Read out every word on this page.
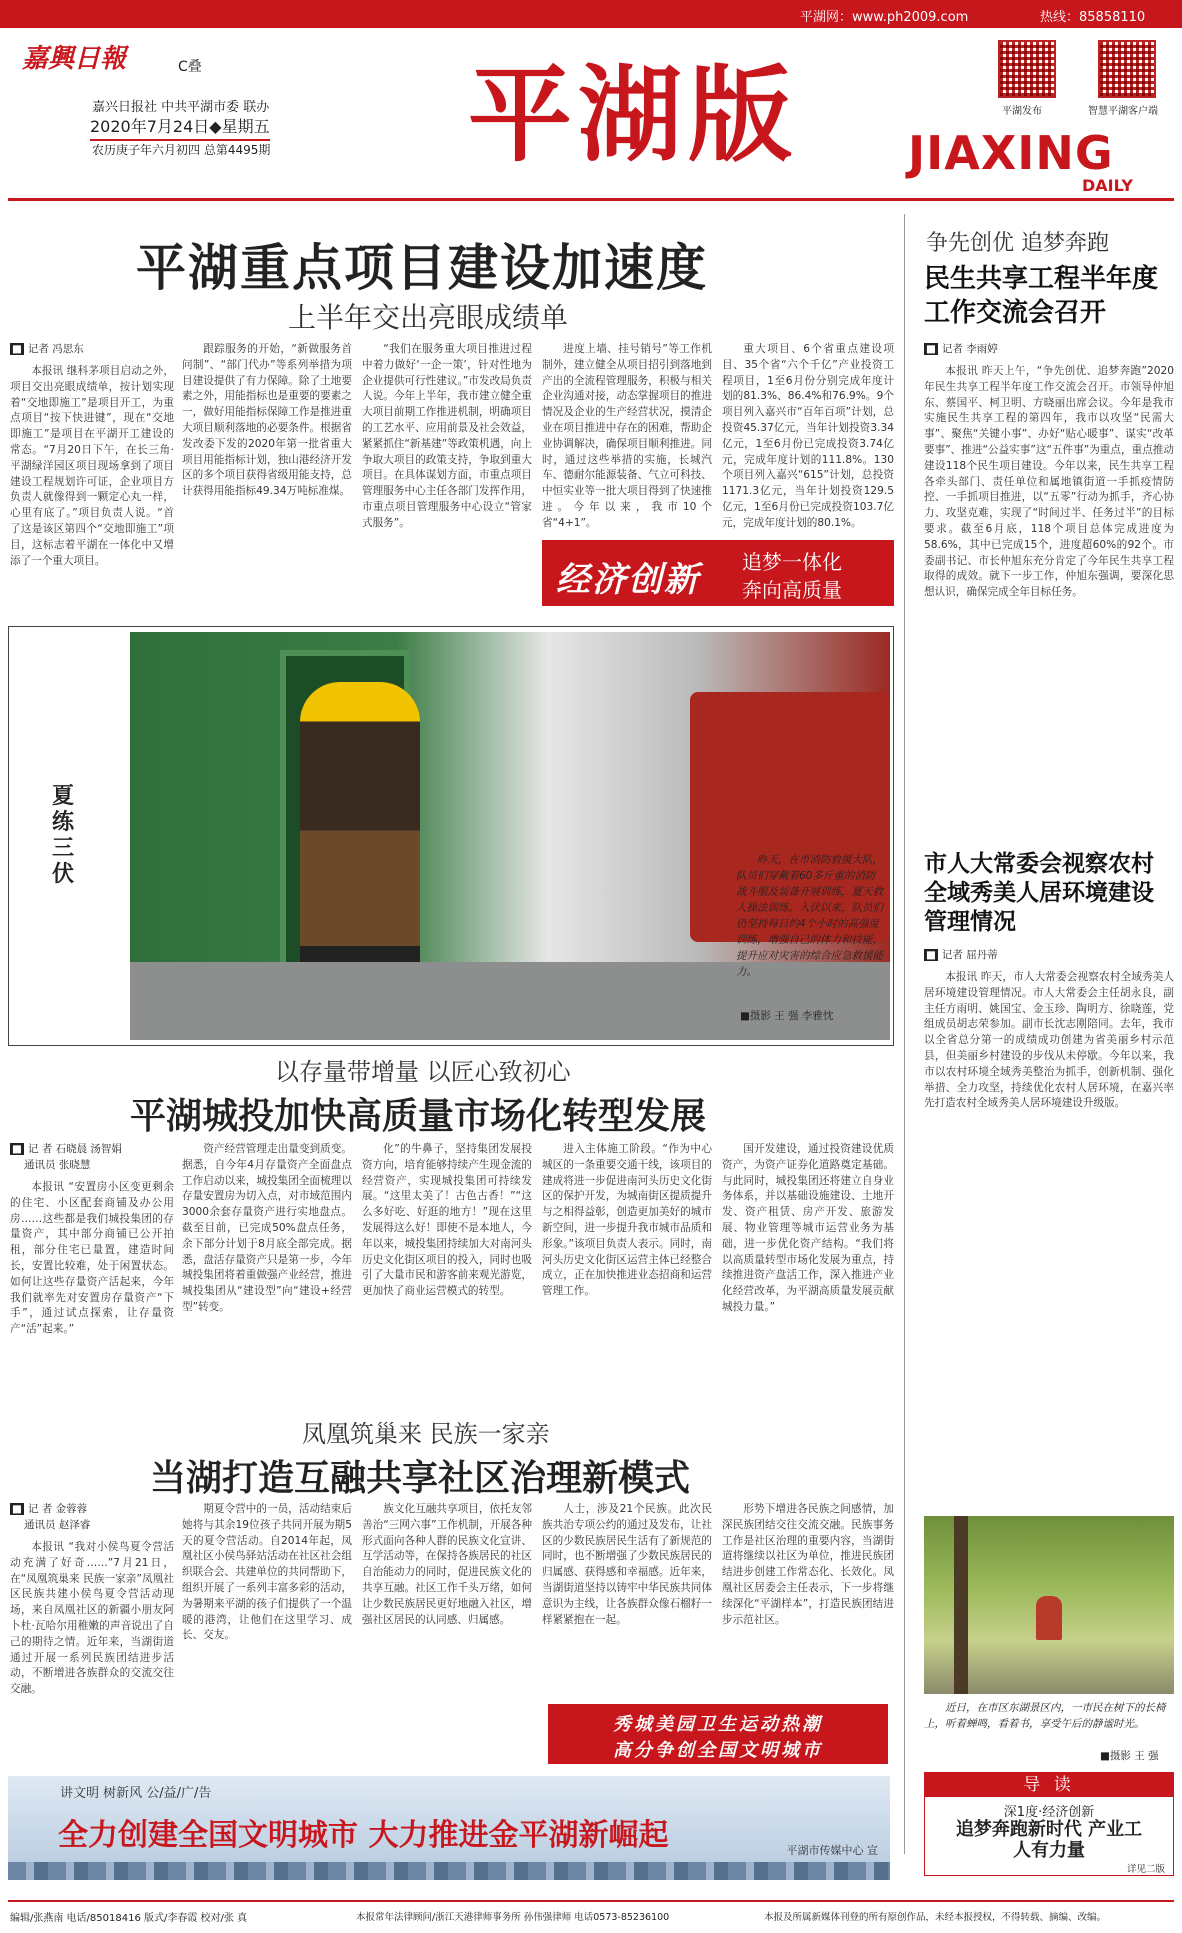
平湖网：www.ph2009.com	热线：85858110
嘉興日報	C叠
嘉兴日报社 中共平湖市委 联办
2020年7月24日◆星期五
农历庚子年六月初四 总第4495期 平湖版	平湖发布	智慧平湖客户端
JIAXING
DAILY
平湖重点项目建设加速度
上半年交出亮眼成绩单
■ 记者 冯思东

本报讯 继科茅项目启动之外，项目交出亮眼成绩单，按计划实现着“交地即施工”是项目开工，为重点项目“按下快进键”，现在“交地即施工”是项目在平湖开工建设的常态。“7月20日下午，在长三角·平湖绿洋园区项目现场拿到了项目建设工程规划许可证，企业项目方负责人就像得到一颗定心丸一样，心里有底了。”项目负责人说。“首了这是该区第四个“交地即施工”项目，这标志着平湖在一体化中又增添了一个重大项目。

跟踪服务的开始，“新做服务首问制”、“部门代办”等系列举措为项目建设提供了有力保障。除了土地要素之外，用能指标也是重要的要素之一，做好用能指标保障工作是推进重大项目顺利落地的必要条件。根据省发改委下发的2020年第一批省重大项目用能指标计划，独山港经济开发区的多个项目获得省级用能支持，总计获得用能指标49.34万吨标准煤。

“我们在服务重大项目推进过程中着力做好‘一企一策’，针对性地为企业提供可行性建议。”市发改局负责人说。今年上半年，我市建立健全重大项目前期工作推进机制，明确项目的工艺水平、应用前景及社会效益，紧紧抓住“新基建”等政策机遇，向上争取大项目的政策支持，争取到重大项目。在具体谋划方面，市重点项目管理服务中心主任各部门发挥作用，市重点项目管理服务中心设立“管家式服务”。

进度上墙、挂号销号”等工作机制外，建立健全从项目招引到落地到产出的全流程管理服务，积极与相关企业沟通对接，动态掌握项目的推进情况及企业的生产经营状况，摸清企业在项目推进中存在的困难，帮助企业协调解决，确保项目顺利推进。同时，通过这些举措的实施，长城汽车、德耐尔能源装备、气立可科技、中恒实业等一批大项目得到了快速推进。今年以来，我市10个省“4+1”。

重大项目、6个省重点建设项目、35个省“六个千亿”产业投资工程项目，1至6月份分别完成年度计划的81.3%、86.4%和76.9%。9个项目列入嘉兴市“百年百项”计划，总投资45.37亿元，当年计划投资3.34亿元，1至6月份已完成投资3.74亿元，完成年度计划的111.8%。130个项目列入嘉兴“615”计划，总投资1171.3亿元，当年计划投资129.5亿元，1至6月份已完成投资103.7亿元，完成年度计划的80.1%。

经济创新 追梦一体化
奔向高质量
夏练三伏
昨天，在市消防救援大队，队员们穿戴着60多斤重的消防战斗服及装备开展训练，夏天救人操法训练。入伏以来，队员们仍坚持每日约4个小时的高强度训练，增强自己的体力和技能，提升应对灾害的综合应急救援能力。
■摄影 王 强 李雅忱
以存量带增量 以匠心致初心
平湖城投加快高质量市场化转型发展
■ 记 者 石晓晨 汤智娟
通讯员 张晓慧

本报讯 “安置房小区变更剩余的住宅、小区配套商铺及办公用房……这些都是我们城投集团的存量资产，其中部分商铺已公开拍租，部分住宅已量置，建造时间长，安置比较难，处于闲置状态。如何让这些存量资产活起来，今年我们就率先对安置房存量资产“下手”，通过试点探索，让存量资产“活”起来。”

资产经营管理走出量变到质变。据悉，自今年4月存量资产全面盘点工作启动以来，城投集团全面梳理以存量安置房为切入点，对市域范围内3000余套存量资产进行实地盘点。截至目前，已完成50%盘点任务，余下部分计划于8月底全部完成。据悉，盘活存量资产只是第一步，今年城投集团将着重做强产业经营，推进城投集团从“建设型”向“建设+经营型”转变。

化”的牛鼻子，坚持集团发展投资方向，培育能够持续产生现金流的经营资产，实现城投集团可持续发展。“这里太美了！古色古香！”“这么多好吃、好逛的地方！”现在这里发展得这么好！即使不是本地人，今年以来，城投集团持续加大对南河头历史文化街区项目的投入，同时也吸引了大量市民和游客前来观光游览，更加快了商业运营模式的转型。

进入主体施工阶段。“作为中心城区的一条重要交通干线，该项目的建成将进一步促进南河头历史文化街区的保护开发，为城南街区提质提升与之相得益彰，创造更加美好的城市新空间，进一步提升我市城市品质和形象。”该项目负责人表示。同时，南河头历史文化街区运营主体已经整合成立，正在加快推进业态招商和运营管理工作。

国开发建设，通过投资建设优质资产，为资产证券化道路奠定基础。与此同时，城投集团还将建立自身业务体系，并以基础设施建设、土地开发、资产租赁、房产开发、旅游发展、物业管理等城市运营业务为基础，进一步优化资产结构。“我们将以高质量转型市场化发展为重点，持续推进资产盘活工作，深入推进产业化经营改革，为平湖高质量发展贡献城投力量。”

凤凰筑巢来 民族一家亲
当湖打造互融共享社区治理新模式
■ 记 者 金蓉蓉
通讯员 赵泽睿

本报讯 “我对小侯鸟夏令营活动充满了好奇……”7月21日，在“凤凰筑巢来 民族一家亲”凤凰社区民族共建小侯鸟夏令营活动现场，来自凤凰社区的新疆小朋友阿卜杜·瓦哈尔用稚嫩的声音说出了自己的期待之情。近年来，当湖街道通过开展一系列民族团结进步活动，不断增进各族群众的交流交往交融。

期夏令营中的一员，活动结束后她将与其余19位孩子共同开展为期5天的夏令营活动。自2014年起，凤凰社区小侯鸟驿站活动在社区社会组织联合会、共建单位的共同帮助下，组织开展了一系列丰富多彩的活动，为暑期来平湖的孩子们提供了一个温暖的港湾，让他们在这里学习、成长、交友。

族文化互融共享项目，依托友邻善治“三网六事”工作机制，开展各种形式面向各种人群的民族文化宣讲、互学活动等，在保持各族居民的社区自治能动力的同时，促进民族文化的共享互融。社区工作千头万绪，如何让少数民族居民更好地融入社区，增强社区居民的认同感、归属感。

人士，涉及21个民族。此次民族共治专项公约的通过及发布，让社区的少数民族居民生活有了新规范的同时，也不断增强了少数民族居民的归属感、获得感和幸福感。近年来，当湖街道坚持以铸牢中华民族共同体意识为主线，让各族群众像石榴籽一样紧紧抱在一起。

形势下增进各民族之间感情，加深民族团结交往交流交融。民族事务工作是社区治理的重要内容，当湖街道将继续以社区为单位，推进民族团结进步创建工作常态化、长效化。凤凰社区居委会主任表示，下一步将继续深化“平湖样本”，打造民族团结进步示范社区。

秀城美园卫生运动热潮
高分争创全国文明城市
争先创优 追梦奔跑
民生共享工程半年度工作交流会召开
■ 记者 李雨婷

本报讯 昨天上午，“争先创优、追梦奔跑”2020年民生共享工程半年度工作交流会召开。市领导仲旭东、蔡国平、柯卫明、方晓丽出席会议。今年是我市实施民生共享工程的第四年，我市以攻坚“民需大事”、聚焦“关键小事”、办好“贴心暖事”、谋实“改革要事”、推进“公益实事”这“五件事”为重点，重点推动建设118个民生项目建设。今年以来，民生共享工程各牵头部门、责任单位和属地镇街道一手抓疫情防控、一手抓项目推进，以“五零”行动为抓手，齐心协力、攻坚克难，实现了“时间过半、任务过半”的目标要求。截至6月底，118个项目总体完成进度为58.6%，其中已完成15个，进度超60%的92个。市委副书记、市长仲旭东充分肯定了今年民生共享工程取得的成效。就下一步工作，仲旭东强调，要深化思想认识，确保完成全年目标任务。

市人大常委会视察农村全域秀美人居环境建设管理情况
■ 记者 屈丹蒂

本报讯 昨天，市人大常委会视察农村全域秀美人居环境建设管理情况。市人大常委会主任胡永良，副主任方雨明、姚国宝、金玉珍、陶明方、徐晓莲，党组成员胡志荣参加。副市长沈志刚陪同。去年，我市以全省总分第一的成绩成功创建为省美丽乡村示范县，但美丽乡村建设的步伐从未停歇。今年以来，我市以农村环境全域秀美整治为抓手，创新机制、强化举措、全力攻坚，持续优化农村人居环境，在嘉兴率先打造农村全域秀美人居环境建设升级版。

近日，在市区东湖景区内，一市民在树下的长椅上，听着蝉鸣，看着书，享受午后的静谧时光。
■摄影 王 强
导 读
深1度·经济创新
追梦奔跑新时代 产业工人有力量
详见二版
讲文明 树新风 公/益/广/告
全力创建全国文明城市 大力推进金平湖新崛起	平湖市传媒中心 宣
编辑/张燕南 电话/85018416 版式/李春霞 校对/张 真	本报常年法律顾问/浙江天港律师事务所 孙伟强律师 电话0573-85236100	本报及所属新媒体刊登的所有原创作品，未经本报授权，不得转载、摘编、改编。
